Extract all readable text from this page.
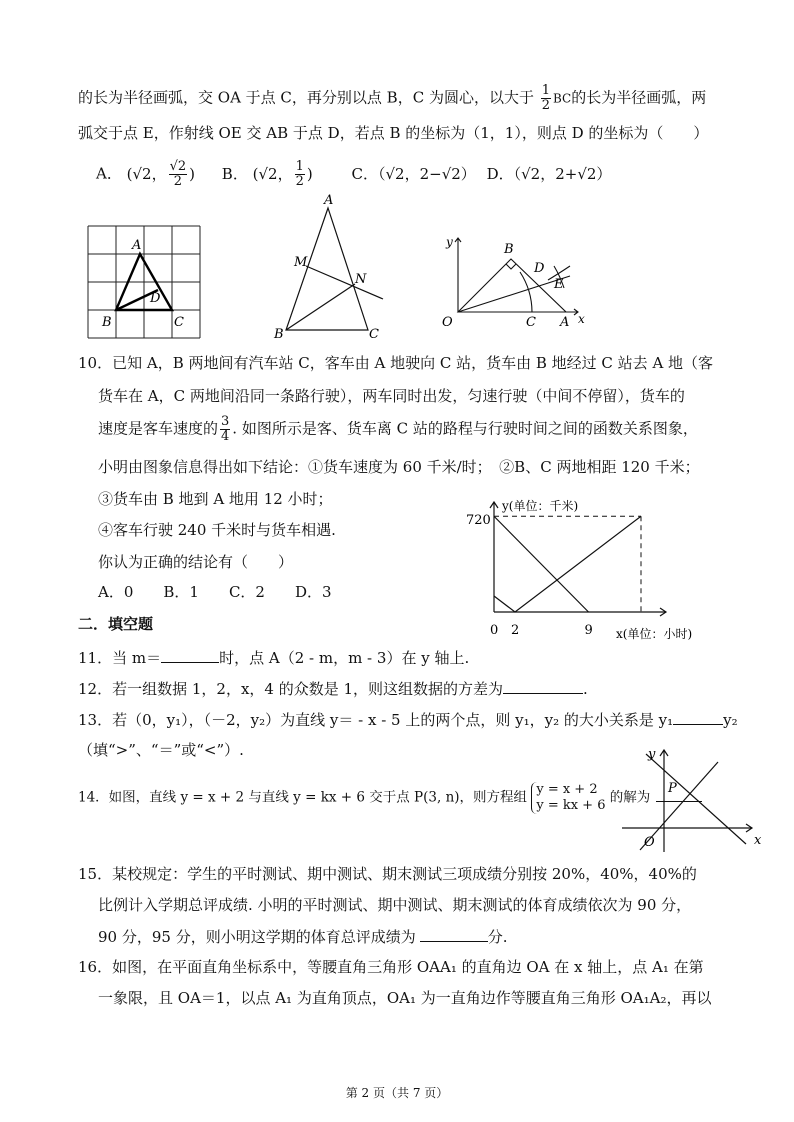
的长为半径画弧，交 OA 于点 C，再分别以点 B，C 为圆心，以大于 $\frac{1}{2}$ BC的长为半径画弧，两
弧交于点 E，作射线 OE 交 AB 于点 D，若点 B 的坐标为（1，1），则点 D 的坐标为（　　）
A． (√2， $\frac{√2}{2}$ ) B． (√2， $\frac{1}{2}$ )	C．（√2，2−√2） D．（√2，2+√2）
A
D
B	C
A
M
N
B	C
y	B
D
E
O	C A x
10．已知 A，B 两地间有汽车站 C，客车由 A 地驶向 C 站，货车由 B 地经过 C 站去 A 地（客
货车在 A，C 两地间沿同一条路行驶），两车同时出发，匀速行驶（中间不停留），货车的
速度是客车速度的 $\frac{3}{4}$ . 如图所示是客、货车离 C 站的路程与行驶时间之间的函数关系图象，
小明由图象信息得出如下结论：①货车速度为 60 千米/时；　②B、C 两地相距 120 千米；
③货车由 B 地到 A 地用 12 小时；
④客车行驶 240 千米时与货车相遇.
你认为正确的结论有（　　）
A．0　　B．1　　C．2　　D．3
y(单位：千米)
720
0 2	9 x(单位：小时)
二．填空题
11．当 m＝	时，点 A（2 - m，m - 3）在 y 轴上.
12．若一组数据 1，2，x，4 的众数是 1，则这组数据的方差为	.
13．若（0，y₁），（－2，y₂）为直线 y＝ - x - 5 上的两个点，则 y₁，y₂ 的大小关系是 y₁	y₂
（填“>”、“＝”或“<”）.
14．如图，直线 y = x + 2 与直线 y = kx + 6 交于点 P(3, n)，则方程组 y = x + 2
y = kx + 6 的解为
y
P
O	x
15．某校规定：学生的平时测试、期中测试、期末测试三项成绩分别按 20%，40%，40%的
比例计入学期总评成绩. 小明的平时测试、期中测试、期末测试的体育成绩依次为 90 分，
90 分，95 分，则小明这学期的体育总评成绩为	分.
16．如图，在平面直角坐标系中，等腰直角三角形 OAA₁ 的直角边 OA 在 x 轴上，点 A₁ 在第
一象限，且 OA＝1，以点 A₁ 为直角顶点，OA₁ 为一直角边作等腰直角三角形 OA₁A₂，再以
第 2 页（共 7 页）
